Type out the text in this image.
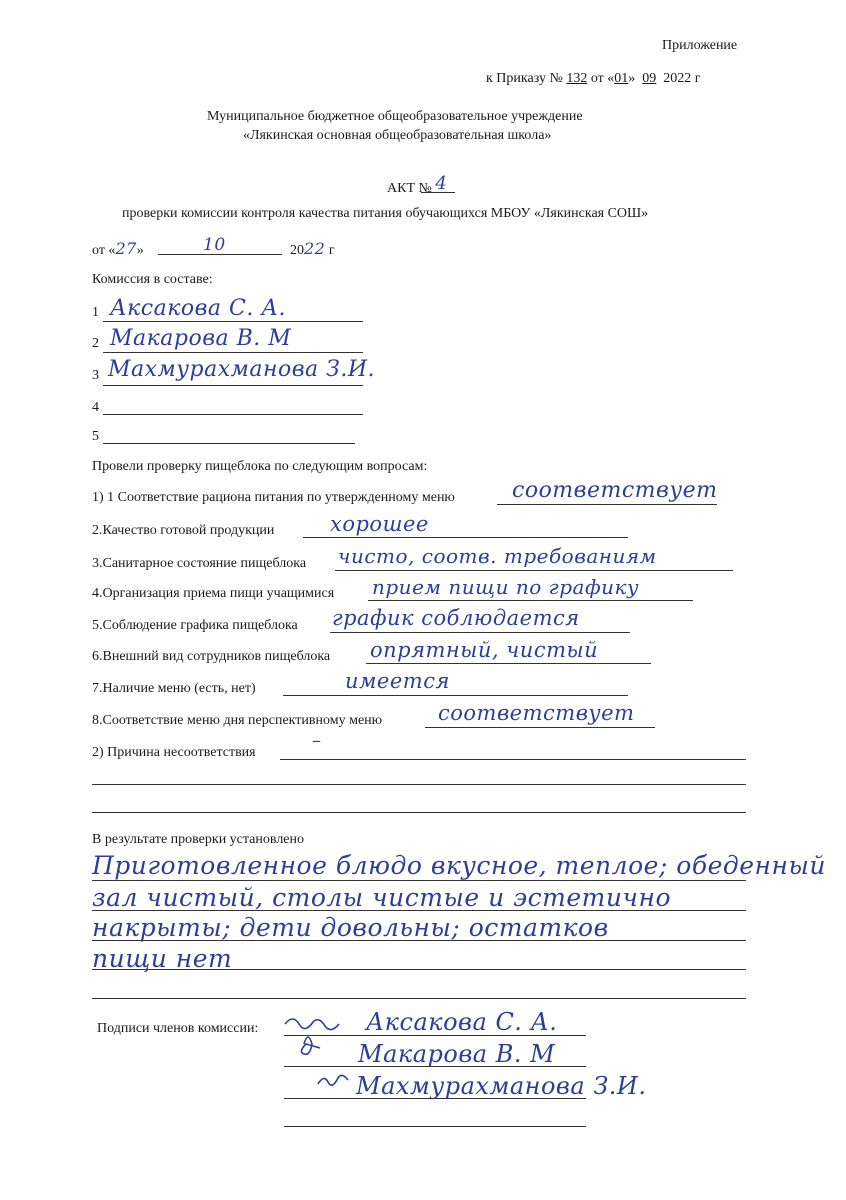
Приложение
к Приказу № 132 от «01» 09 2022 г
Муниципальное бюджетное общеобразовательное учреждение
«Лякинская основная общеобразовательная школа»
АКТ № 4
проверки комиссии контроля качества питания обучающихся МБОУ «Лякинская СОШ»
от «27»	10	2022 г
Комиссия в составе:
1 Аксакова С. А.
2 Макарова В. М
3 Махмурахманова З.И.
4
5
Провели проверку пищеблока по следующим вопросам:
1) 1 Соответствие рациона питания по утвержденному меню	соответствует
2.Качество готовой продукции	хорошее
3.Санитарное состояние пищеблока чисто, соотв. требованиям
4.Организация приема пищи учащимися прием пищи по графику
5.Соблюдение графика пищеблока график соблюдается
6.Внешний вид сотрудников пищеблока опрятный, чистый
7.Наличие меню (есть, нет)	имеется
8.Соответствие меню дня перспективному меню	соответствует
2) Причина несоответствия
–
В результате проверки установлено
Приготовленное блюдо вкусное, теплое; обеденный
зал чистый, столы чистые и эстетично
накрыты; дети довольны; остатков
пищи нет
Подписи членов комиссии:	Аксакова С. А.
Макарова В. М
Махмурахманова З.И.
